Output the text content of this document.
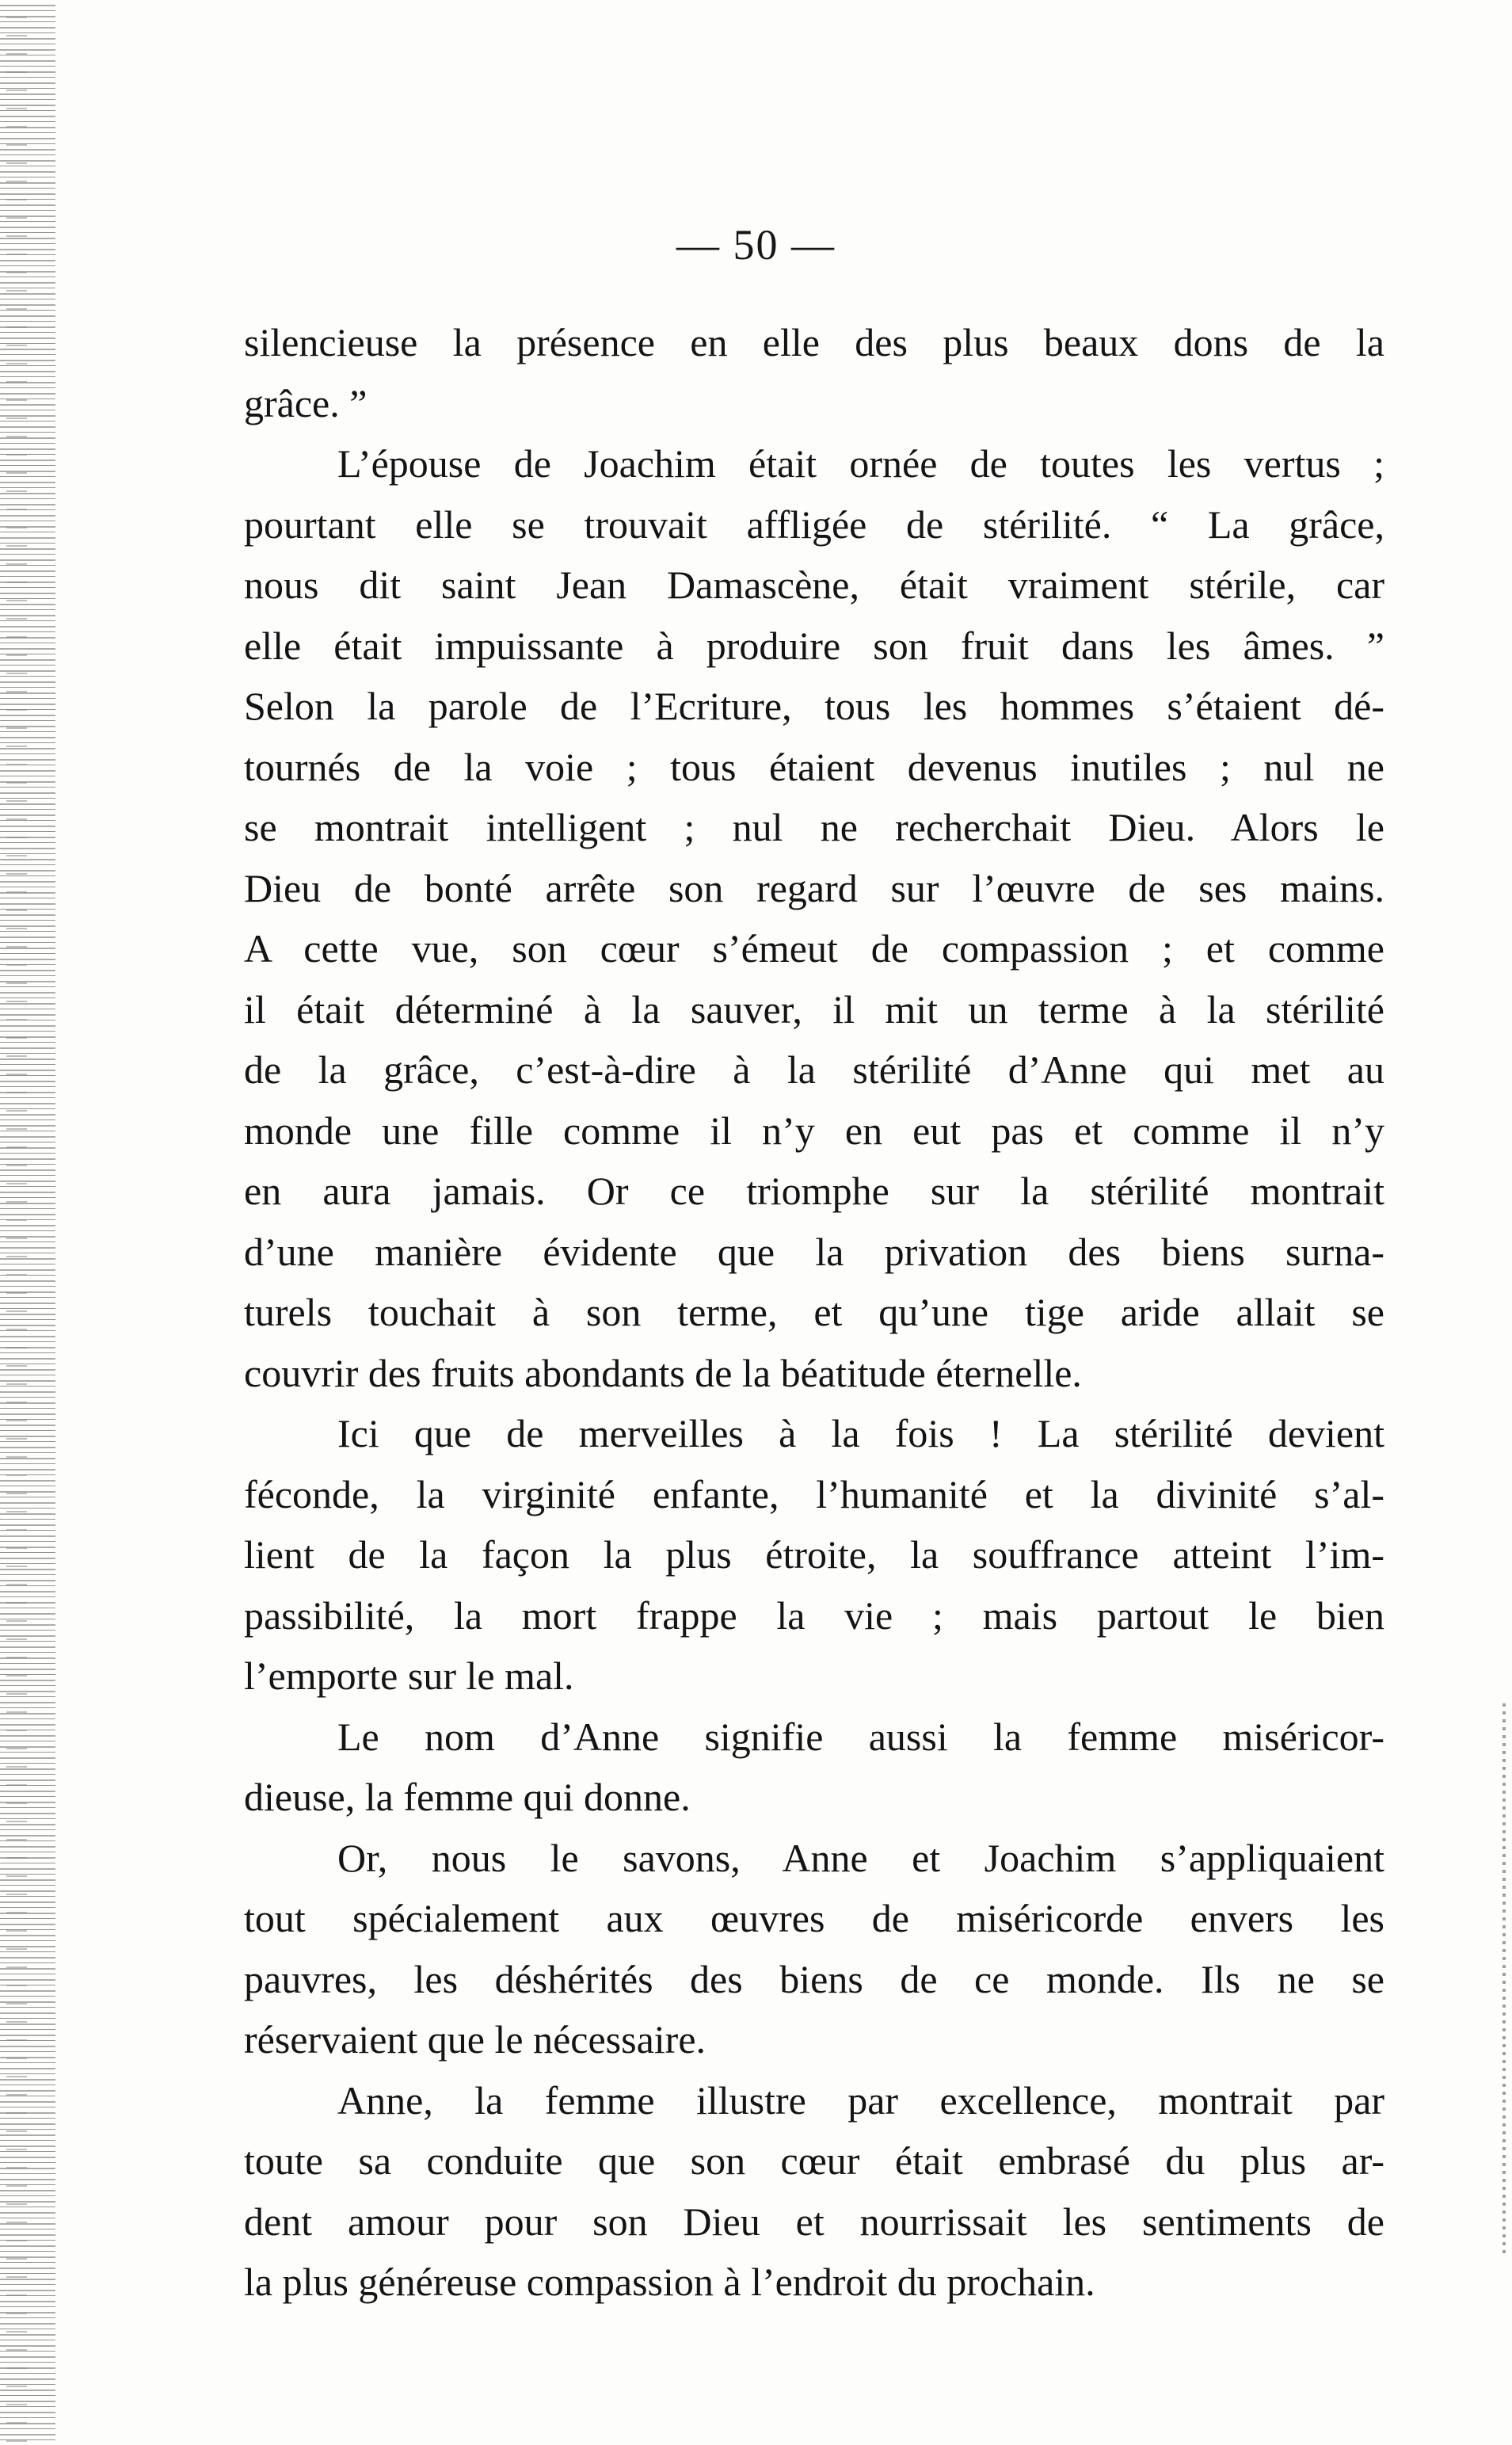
— 50 —
silencieuse la présence en elle des plus beaux dons de la
grâce. ”
L’épouse de Joachim était ornée de toutes les vertus ;
pourtant elle se trouvait affligée de stérilité. “ La grâce,
nous dit saint Jean Damascène, était vraiment stérile, car
elle était impuissante à produire son fruit dans les âmes. ”
Selon la parole de l’Ecriture, tous les hommes s’étaient dé-
tournés de la voie ; tous étaient devenus inutiles ; nul ne
se montrait intelligent ; nul ne recherchait Dieu. Alors le
Dieu de bonté arrête son regard sur l’œuvre de ses mains.
A cette vue, son cœur s’émeut de compassion ; et comme
il était déterminé à la sauver, il mit un terme à la stérilité
de la grâce, c’est-à-dire à la stérilité d’Anne qui met au
monde une fille comme il n’y en eut pas et comme il n’y
en aura jamais. Or ce triomphe sur la stérilité montrait
d’une manière évidente que la privation des biens surna-
turels touchait à son terme, et qu’une tige aride allait se
couvrir des fruits abondants de la béatitude éternelle.
Ici que de merveilles à la fois ! La stérilité devient
féconde, la virginité enfante, l’humanité et la divinité s’al-
lient de la façon la plus étroite, la souffrance atteint l’im-
passibilité, la mort frappe la vie ; mais partout le bien
l’emporte sur le mal.
Le nom d’Anne signifie aussi la femme miséricor-
dieuse, la femme qui donne.
Or, nous le savons, Anne et Joachim s’appliquaient
tout spécialement aux œuvres de miséricorde envers les
pauvres, les déshérités des biens de ce monde. Ils ne se
réservaient que le nécessaire.
Anne, la femme illustre par excellence, montrait par
toute sa conduite que son cœur était embrasé du plus ar-
dent amour pour son Dieu et nourrissait les sentiments de
la plus généreuse compassion à l’endroit du prochain.
